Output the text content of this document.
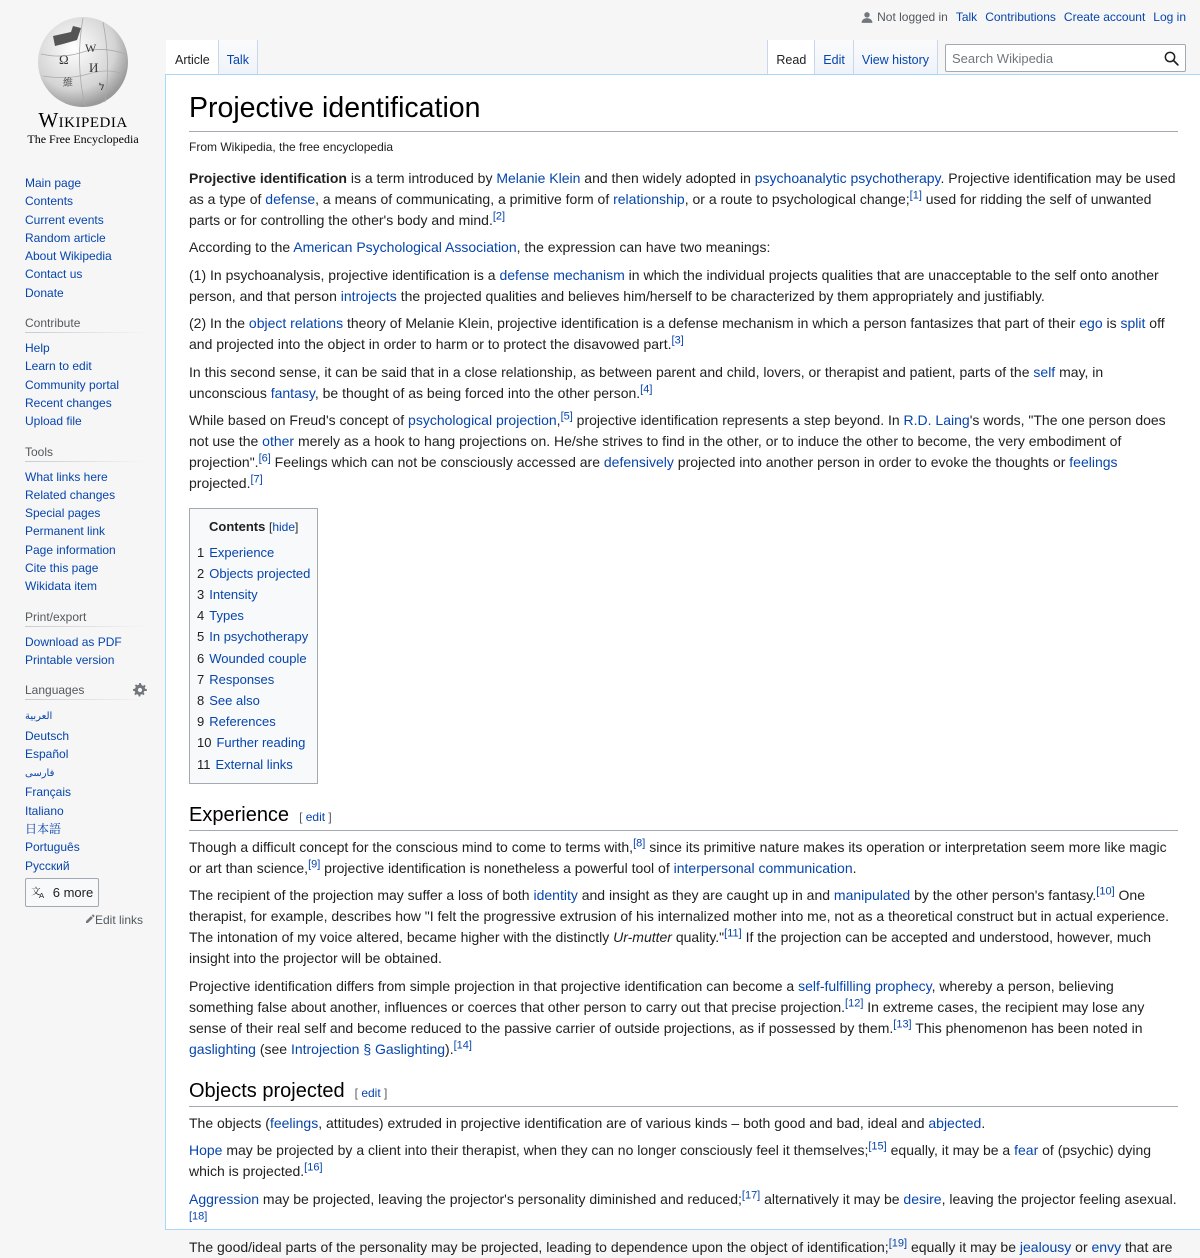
Not logged in Talk Contributions Create account Log in
Ω
W
И
維	ל
Wikipedia
The Free Encyclopedia
Article	Talk	Read	Edit	View history
Search Wikipedia
Main page
Contents
Current events
Random article
About Wikipedia
Contact us
Donate
Contribute
Help
Learn to edit
Community portal
Recent changes
Upload file
Tools
What links here
Related changes
Special pages
Permanent link
Page information
Cite this page
Wikidata item
Print/export
Download as PDF
Printable version
Languages
العربية
Deutsch
Español
فارسی
Français
Italiano
日本語
Português
Русский
文
A 6 more
Edit links
Projective identification
From Wikipedia, the free encyclopedia

Projective identification is a term introduced by Melanie Klein and then widely adopted in psychoanalytic psychotherapy. Projective identification may be used as a type of defense, a means of communicating, a primitive form of relationship, or a route to psychological change;[1] used for ridding the self of unwanted parts or for controlling the other's body and mind.[2]

According to the American Psychological Association, the expression can have two meanings:

(1) In psychoanalysis, projective identification is a defense mechanism in which the individual projects qualities that are unacceptable to the self onto another person, and that person introjects the projected qualities and believes him/herself to be characterized by them appropriately and justifiably.

(2) In the object relations theory of Melanie Klein, projective identification is a defense mechanism in which a person fantasizes that part of their ego is split off and projected into the object in order to harm or to protect the disavowed part.[3]

In this second sense, it can be said that in a close relationship, as between parent and child, lovers, or therapist and patient, parts of the self may, in unconscious fantasy, be thought of as being forced into the other person.[4]

While based on Freud's concept of psychological projection,[5] projective identification represents a step beyond. In R.D. Laing's words, "The one person does not use the other merely as a hook to hang projections on. He/she strives to find in the other, or to induce the other to become, the very embodiment of projection".[6] Feelings which can not be consciously accessed are defensively projected into another person in order to evoke the thoughts or feelings projected.[7]

Contents [hide]
1 Experience
2 Objects projected
3 Intensity
4 Types
5 In psychotherapy
6 Wounded couple
7 Responses
8 See also
9 References
10 Further reading
11 External links
Experience [ edit ]

Though a difficult concept for the conscious mind to come to terms with,[8] since its primitive nature makes its operation or interpretation seem more like magic or art than science,[9] projective identification is nonetheless a powerful tool of interpersonal communication.

The recipient of the projection may suffer a loss of both identity and insight as they are caught up in and manipulated by the other person's fantasy.[10] One therapist, for example, describes how "I felt the progressive extrusion of his internalized mother into me, not as a theoretical construct but in actual experience. The intonation of my voice altered, became higher with the distinctly Ur-mutter quality."[11] If the projection can be accepted and understood, however, much insight into the projector will be obtained.

Projective identification differs from simple projection in that projective identification can become a self-fulfilling prophecy, whereby a person, believing something false about another, influences or coerces that other person to carry out that precise projection.[12] In extreme cases, the recipient may lose any sense of their real self and become reduced to the passive carrier of outside projections, as if possessed by them.[13] This phenomenon has been noted in gaslighting (see Introjection § Gaslighting).[14]

Objects projected [ edit ]

The objects (feelings, attitudes) extruded in projective identification are of various kinds – both good and bad, ideal and abjected.

Hope may be projected by a client into their therapist, when they can no longer consciously feel it themselves;[15] equally, it may be a fear of (psychic) dying which is projected.[16]

Aggression may be projected, leaving the projector's personality diminished and reduced;[17] alternatively it may be desire, leaving the projector feeling asexual.[18]

The good/ideal parts of the personality may be projected, leading to dependence upon the object of identification;[19] equally it may be jealousy or envy that are
